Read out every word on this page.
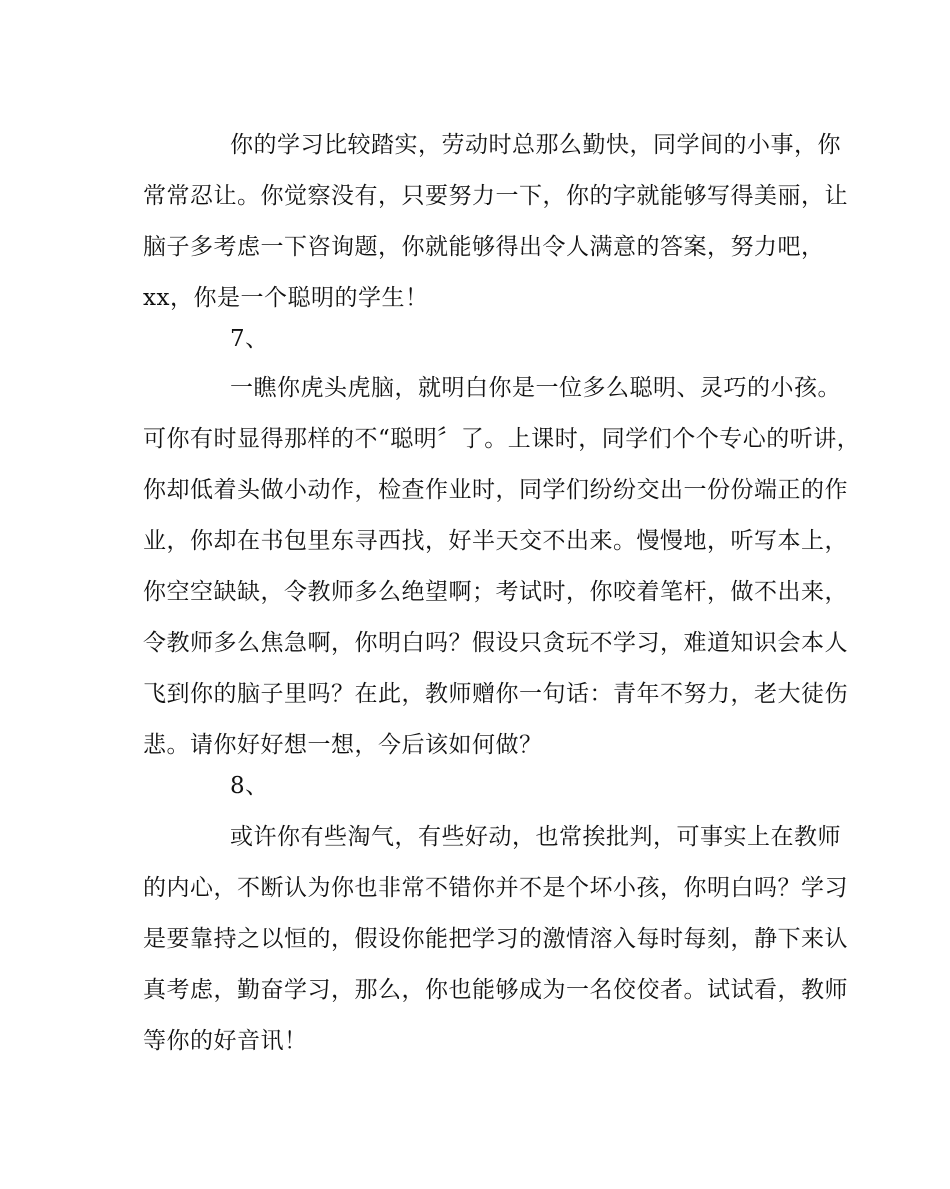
你的学习比较踏实，劳动时总那么勤快，同学间的小事，你
常常忍让。你觉察没有，只要努力一下，你的字就能够写得美丽，让
脑子多考虑一下咨询题，你就能够得出令人满意的答案，努力吧，
xx，你是一个聪明的学生！
7、
一瞧你虎头虎脑，就明白你是一位多么聪明、灵巧的小孩。
可你有时显得那样的不“聪明〞了。上课时，同学们个个专心的听讲，
你却低着头做小动作，检查作业时，同学们纷纷交出一份份端正的作
业，你却在书包里东寻西找，好半天交不出来。慢慢地，听写本上，
你空空缺缺，令教师多么绝望啊；考试时，你咬着笔杆，做不出来，
令教师多么焦急啊，你明白吗？假设只贪玩不学习，难道知识会本人
飞到你的脑子里吗？在此，教师赠你一句话：青年不努力，老大徒伤
悲。请你好好想一想，今后该如何做？
8、
或许你有些淘气，有些好动，也常挨批判，可事实上在教师
的内心，不断认为你也非常不错你并不是个坏小孩，你明白吗？学习
是要靠持之以恒的，假设你能把学习的激情溶入每时每刻，静下来认
真考虑，勤奋学习，那么，你也能够成为一名佼佼者。试试看，教师
等你的好音讯！
